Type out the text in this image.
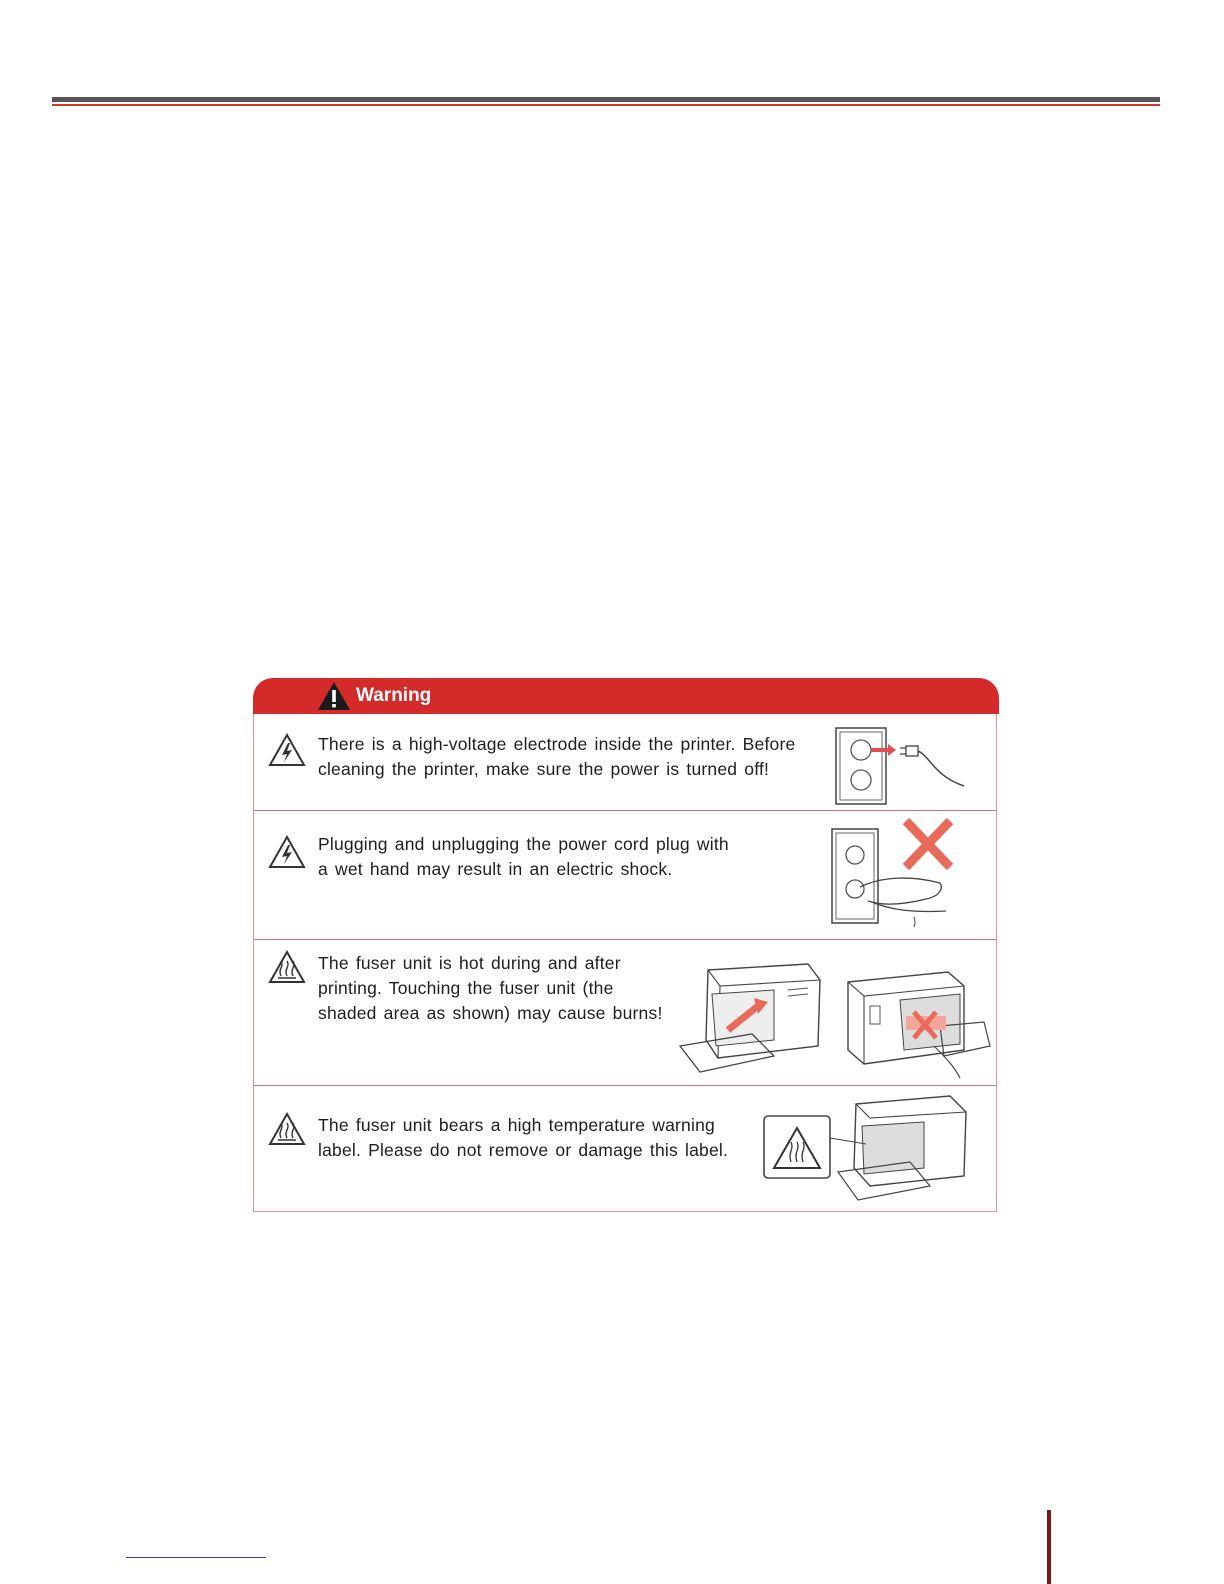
Warning
There is a high-voltage electrode inside the printer. Before
cleaning the printer, make sure the power is turned off!
Plugging and unplugging the power cord plug with
a wet hand may result in an electric shock.
The fuser unit is hot during and after
printing. Touching the fuser unit (the
shaded area as shown) may cause burns!
The fuser unit bears a high temperature warning
label. Please do not remove or damage this label.
